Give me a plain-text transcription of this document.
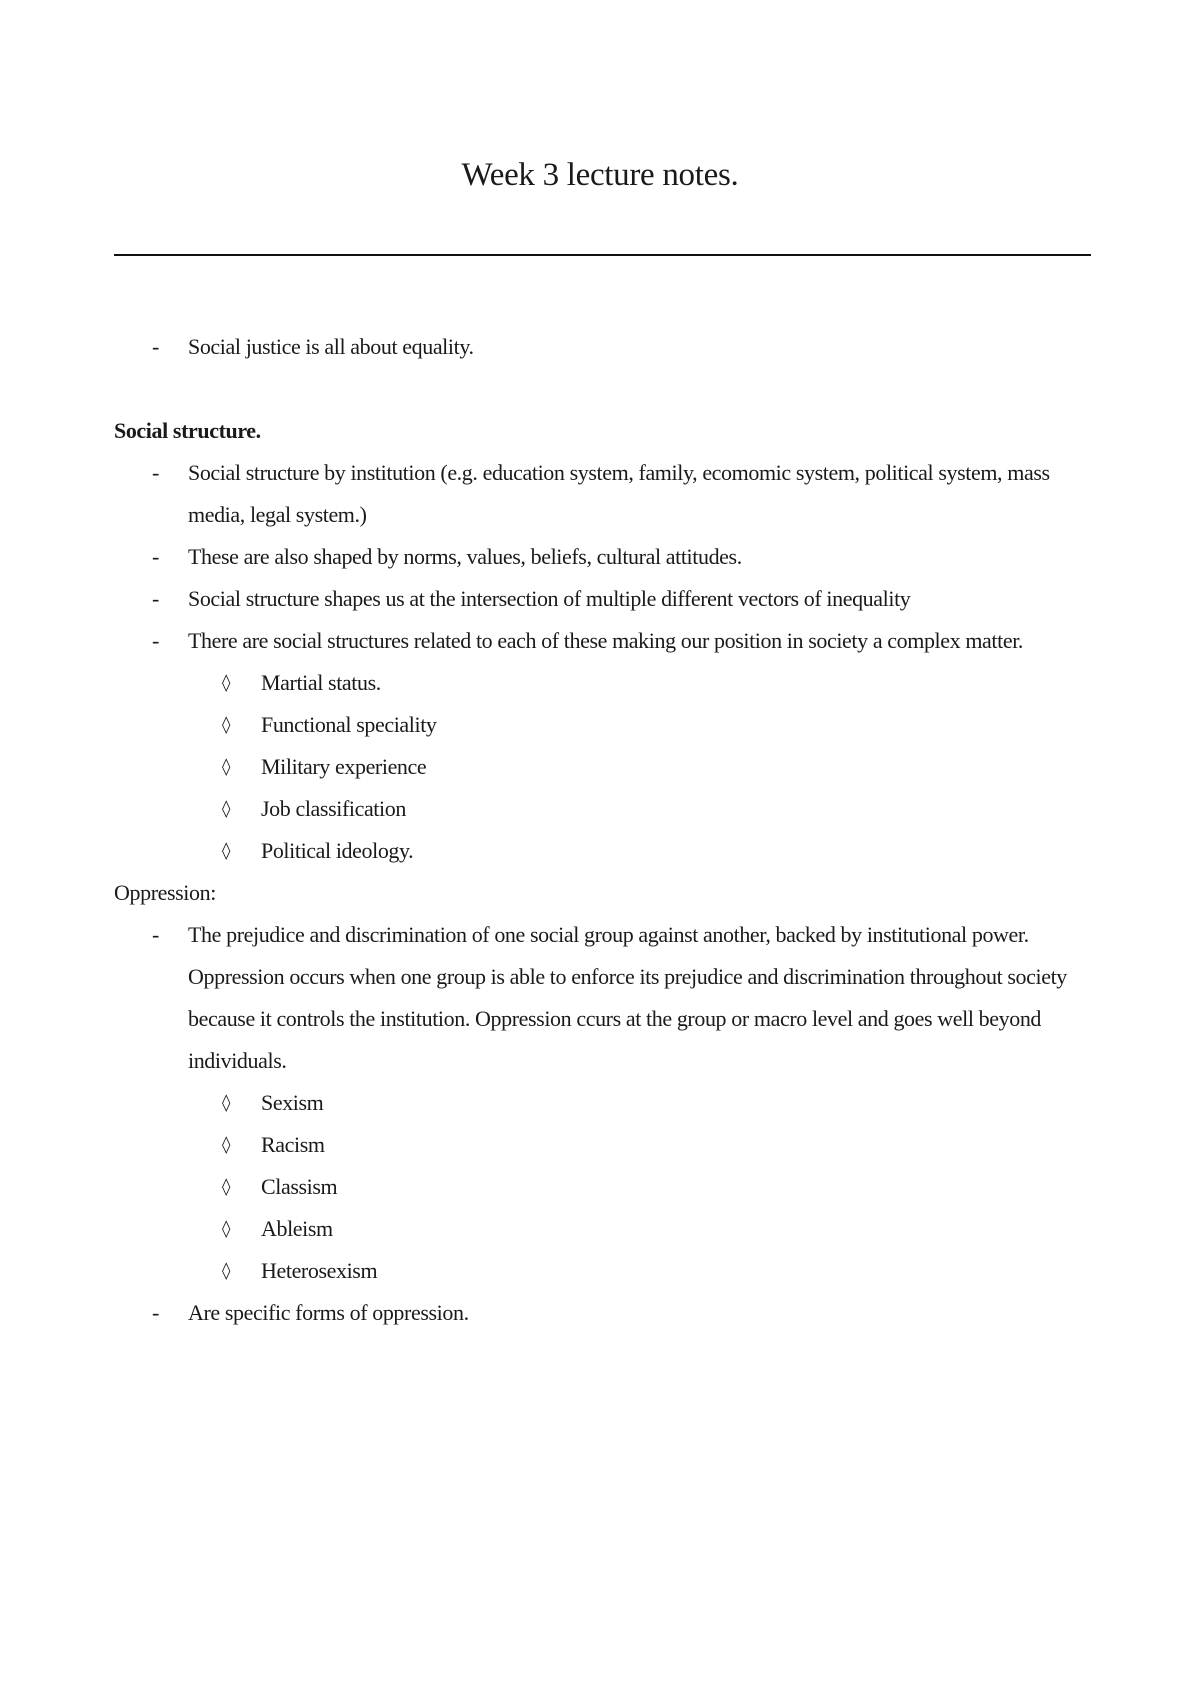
Week 3 lecture notes.
- Social justice is all about equality.
Social structure.
- Social structure by institution (e.g. education system, family, ecomomic system, political system, mass media, legal system.)
- These are also shaped by norms, values, beliefs, cultural attitudes.
- Social structure shapes us at the intersection of multiple different vectors of inequality
- There are social structures related to each of these making our position in society a complex matter.
◊ Martial status.
◊ Functional speciality
◊ Military experience
◊ Job classification
◊ Political ideology.
Oppression:
- The prejudice and discrimination of one social group against another, backed by institutional power. Oppression occurs when one group is able to enforce its prejudice and discrimination throughout society because it controls the institution. Oppression ccurs at the group or macro level and goes well beyond individuals.
◊ Sexism
◊ Racism
◊ Classism
◊ Ableism
◊ Heterosexism
- Are specific forms of oppression.
